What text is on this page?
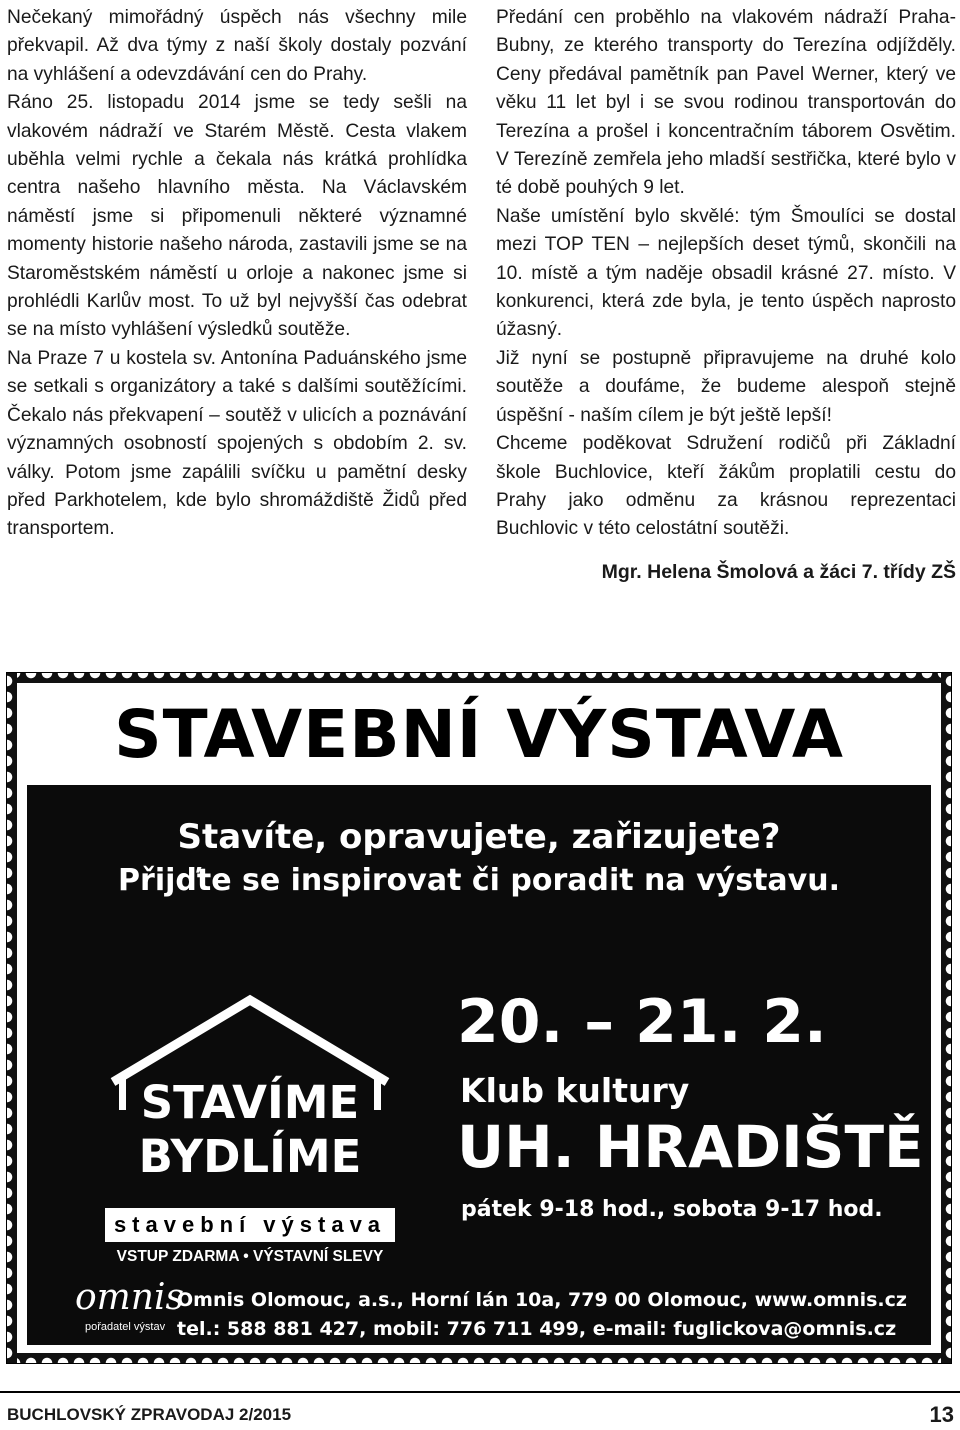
Nečekaný mimořádný úspěch nás všechny mile překvapil. Až dva týmy z naší školy dostaly pozvání na vyhlášení a odevzdávání cen do Prahy.

Ráno 25. listopadu 2014 jsme se tedy sešli na vlakovém nádraží ve Starém Městě. Cesta vlakem uběhla velmi rychle a čekala nás krátká prohlídka centra našeho hlavního města. Na Václavském náměstí jsme si připomenuli některé významné momenty historie našeho národa, zastavili jsme se na Staroměstském náměstí u orloje a nakonec jsme si prohlédli Karlův most. To už byl nejvyšší čas odebrat se na místo vyhlášení výsledků soutěže.

Na Praze 7 u kostela sv. Antonína Paduánského jsme se setkali s organizátory a také s dalšími soutěžícími. Čekalo nás překvapení – soutěž v ulicích a poznávání významných osobností spojených s obdobím 2. sv. války. Potom jsme zapálili svíčku u pamětní desky před Parkhotelem, kde bylo shromáždiště Židů před transportem.

Předání cen proběhlo na vlakovém nádraží Praha-Bubny, ze kterého transporty do Terezína odjížděly. Ceny předával pamětník pan Pavel Werner, který ve věku 11 let byl i se svou rodinou transportován do Terezína a prošel i koncentračním táborem Osvětim. V Terezíně zemřela jeho mladší sestřička, které bylo v té době pouhých 9 let.

Naše umístění bylo skvělé: tým Šmoulíci se dostal mezi TOP TEN – nejlepších deset týmů, skončili na 10. místě a tým naděje obsadil krásné 27. místo. V konkurenci, která zde byla, je tento úspěch naprosto úžasný.

Již nyní se postupně připravujeme na druhé kolo soutěže a doufáme, že budeme alespoň stejně úspěšní - naším cílem je být ještě lepší!

Chceme poděkovat Sdružení rodičů při Základní škole Buchlovice, kteří žákům proplatili cestu do Prahy jako odměnu za krásnou reprezentaci Buchlovic v této celostátní soutěži.

Mgr. Helena Šmolová a žáci 7. třídy ZŠ

STAVEBNÍ VÝSTAVA
Stavíte, opravujete, zařizujete?
Přijďte se inspirovat či poradit na výstavu.
STAVÍME
BYDLÍME
stavební výstava
VSTUP ZDARMA • VÝSTAVNÍ SLEVY
20. – 21. 2.
Klub kultury
UH. HRADIŠTĚ
pátek 9-18 hod., sobota 9-17 hod.
omnis
pořadatel výstav
Omnis Olomouc, a.s., Horní lán 10a, 779 00 Olomouc, www.omnis.cz
tel.: 588 881 427, mobil: 776 711 499, e-mail: fuglickova@omnis.cz
BUCHLOVSKÝ ZPRAVODAJ 2/2015	13
